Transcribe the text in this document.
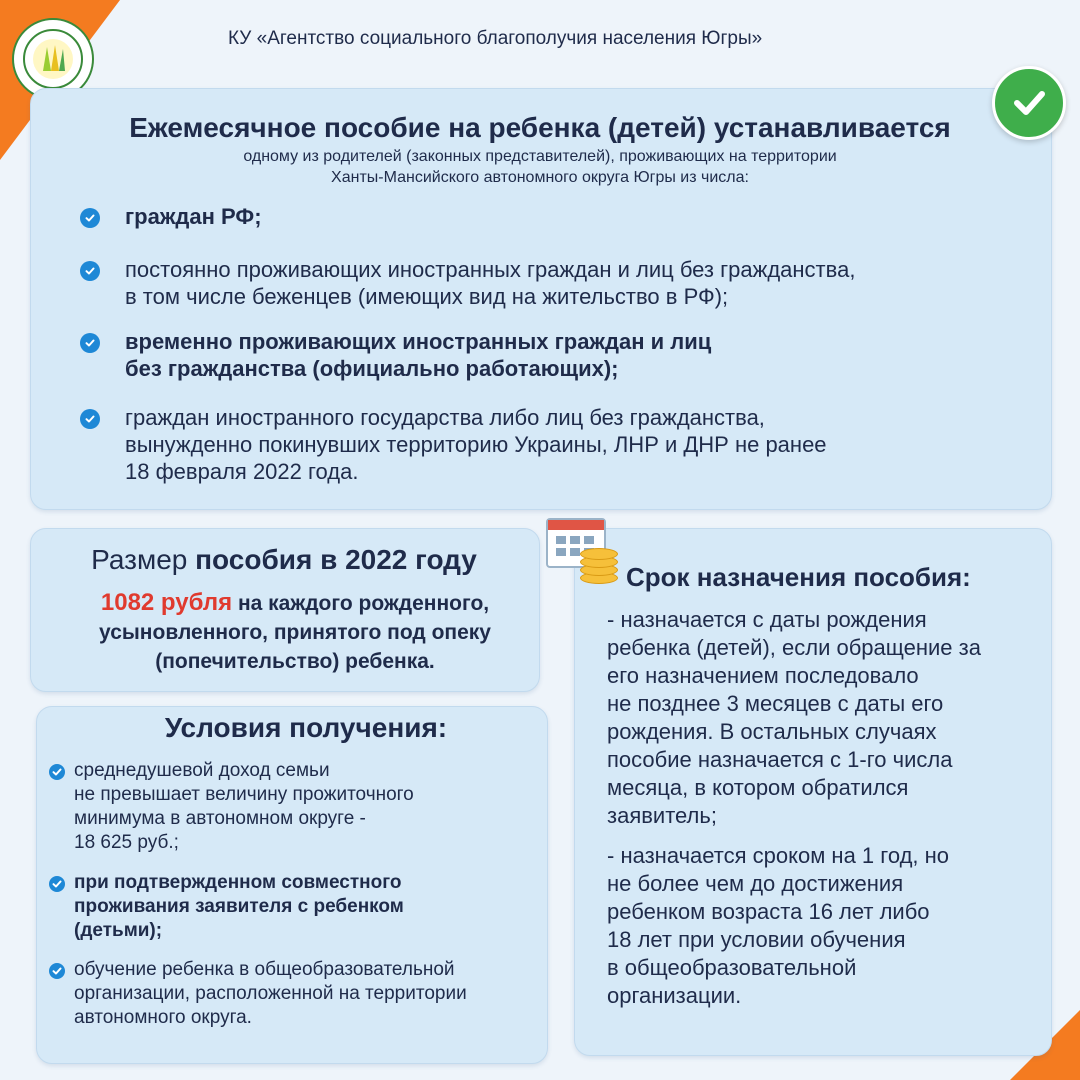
КУ «Агентство социального благополучия населения Югры»
Ежемесячное пособие на ребенка (детей) устанавливается
одному из родителей (законных представителей), проживающих на территории
Ханты-Мансийского автономного округа Югры из числа:
граждан РФ;
постоянно проживающих иностранных граждан и лиц без гражданства,
в том числе беженцев (имеющих вид на жительство в РФ);
временно проживающих иностранных граждан и лиц
без гражданства (официально работающих);
граждан иностранного государства либо лиц без гражданства,
вынужденно покинувших территорию Украины, ЛНР и ДНР не ранее
18 февраля 2022 года.
Размер пособия в 2022 году
1082 рубля на каждого рожденного,
усыновленного, принятого под опеку
(попечительство) ребенка.
Условия получения:
среднедушевой доход семьи
не превышает величину прожиточного
минимума в автономном округе -
18 625 руб.;
при подтвержденном совместного
проживания заявителя с ребенком
(детьми);
обучение ребенка в общеобразовательной
организации, расположенной на территории
автономного округа.
Срок назначения пособия:
- назначается с даты рождения
ребенка (детей), если обращение за
его назначением последовало
не позднее 3 месяцев с даты его
рождения. В остальных случаях
пособие назначается с 1-го числа
месяца, в котором обратился
заявитель;
- назначается сроком на 1 год, но
не более чем до достижения
ребенком возраста 16 лет либо
18 лет при условии обучения
в общеобразовательной
организации.
